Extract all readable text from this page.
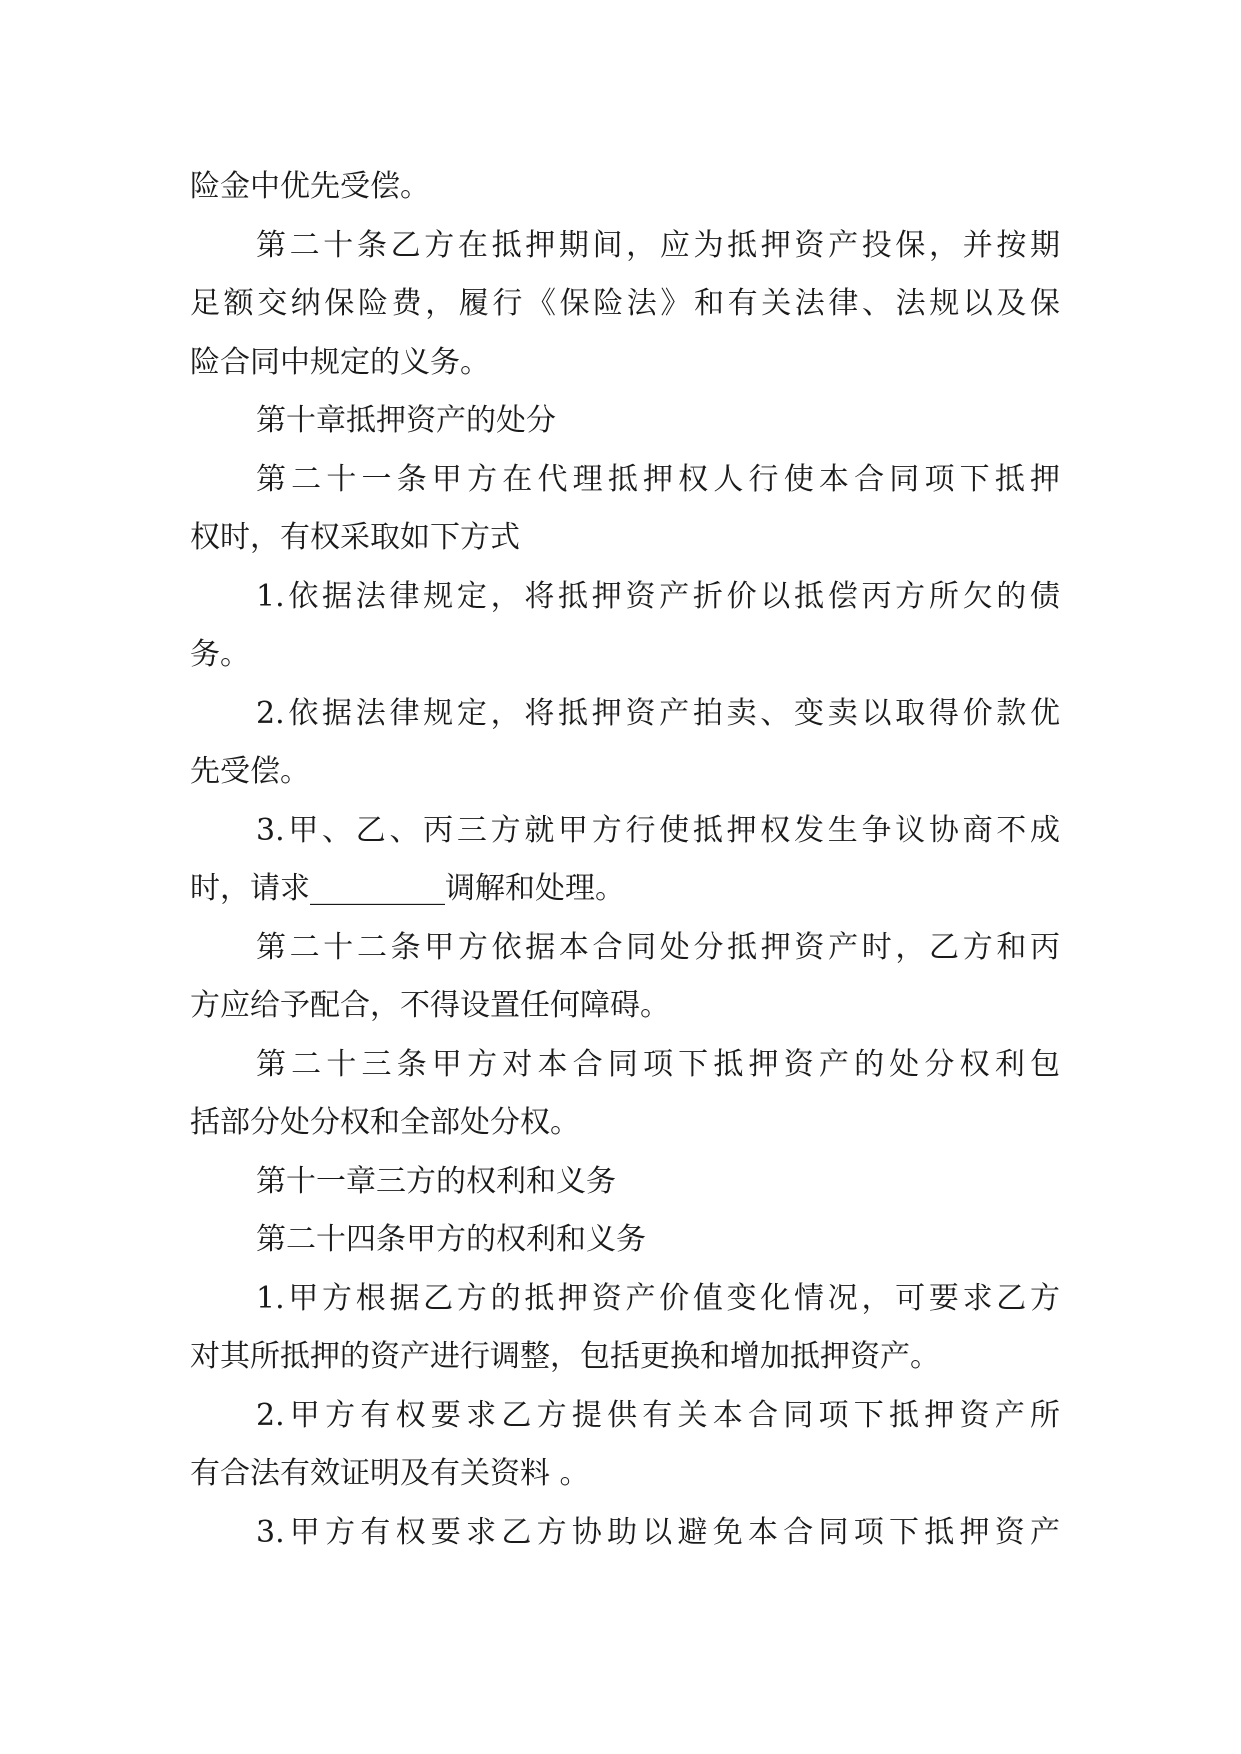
险金中优先受偿。
第二十条乙方在抵押期间，应为抵押资产投保，并按期
足额交纳保险费，履行《保险法》和有关法律、法规以及保
险合同中规定的义务。
第十章抵押资产的处分
第二十一条甲方在代理抵押权人行使本合同项下抵押
权时，有权采取如下方式
1.依据法律规定，将抵押资产折价以抵偿丙方所欠的债
务。
2.依据法律规定，将抵押资产拍卖、变卖以取得价款优
先受偿。
3.甲、乙、丙三方就甲方行使抵押权发生争议协商不成
时，请求_________调解和处理。
第二十二条甲方依据本合同处分抵押资产时，乙方和丙
方应给予配合，不得设置任何障碍。
第二十三条甲方对本合同项下抵押资产的处分权利包
括部分处分权和全部处分权。
第十一章三方的权利和义务
第二十四条甲方的权利和义务
1.甲方根据乙方的抵押资产价值变化情况，可要求乙方
对其所抵押的资产进行调整，包括更换和增加抵押资产。
2.甲方有权要求乙方提供有关本合同项下抵押资产所
有合法有效证明及有关资料 。
3.甲方有权要求乙方协助以避免本合同项下抵押资产
